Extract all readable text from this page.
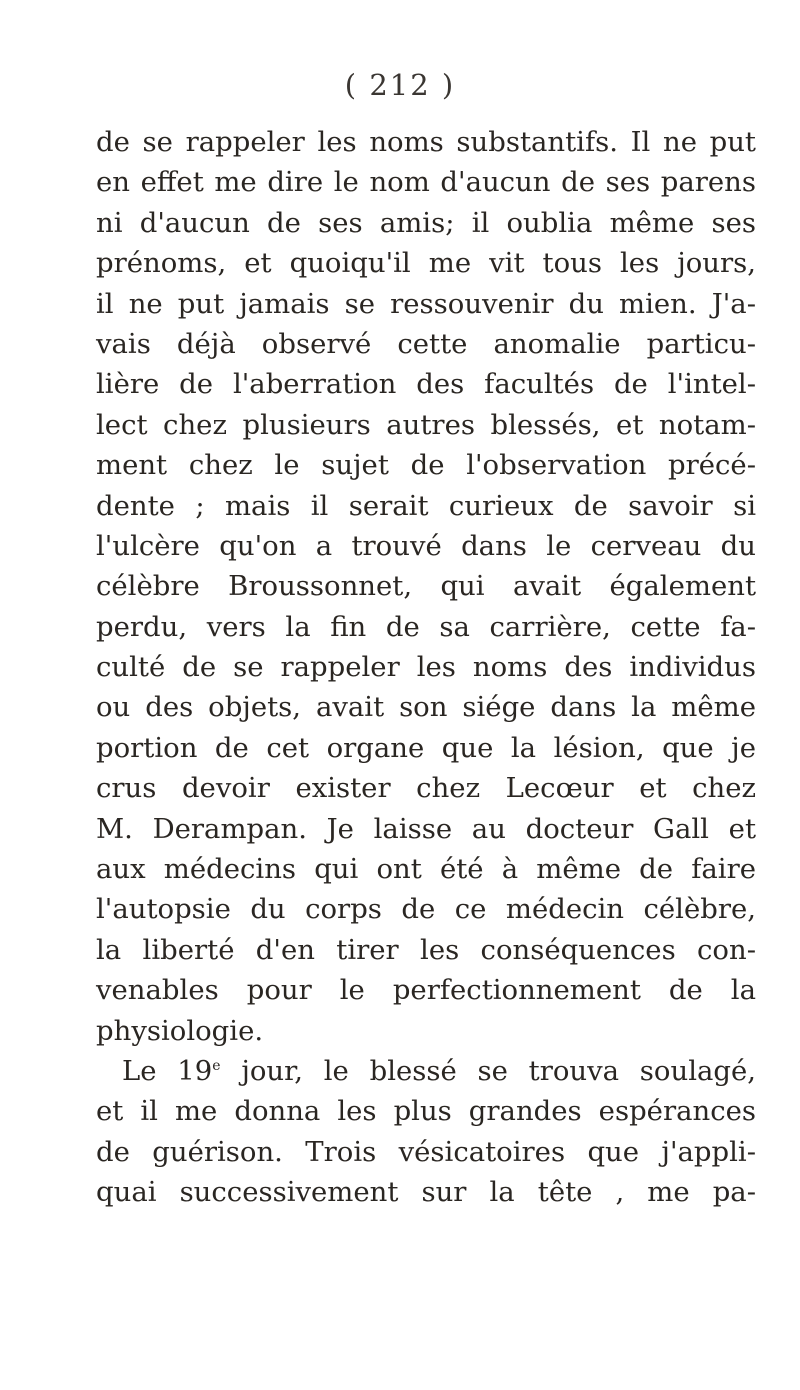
( 212 )
de se rappeler les noms substantifs. Il ne put
en effet me dire le nom d'aucun de ses parens
ni d'aucun de ses amis; il oublia même ses
prénoms, et quoiqu'il me vit tous les jours,
il ne put jamais se ressouvenir du mien. J'a-
vais déjà observé cette anomalie particu-
lière de l'aberration des facultés de l'intel-
lect chez plusieurs autres blessés, et notam-
ment chez le sujet de l'observation précé-
dente ; mais il serait curieux de savoir si
l'ulcère qu'on a trouvé dans le cerveau du
célèbre Broussonnet, qui avait également
perdu, vers la fin de sa carrière, cette fa-
culté de se rappeler les noms des individus
ou des objets, avait son siége dans la même
portion de cet organe que la lésion, que je
crus devoir exister chez Lecœur et chez
M. Derampan. Je laisse au docteur Gall et
aux médecins qui ont été à même de faire
l'autopsie du corps de ce médecin célèbre,
la liberté d'en tirer les conséquences con-
venables pour le perfectionnement de la
physiologie.
Le 19e jour, le blessé se trouva soulagé,
et il me donna les plus grandes espérances
de guérison. Trois vésicatoires que j'appli-
quai successivement sur la tête , me pa-
